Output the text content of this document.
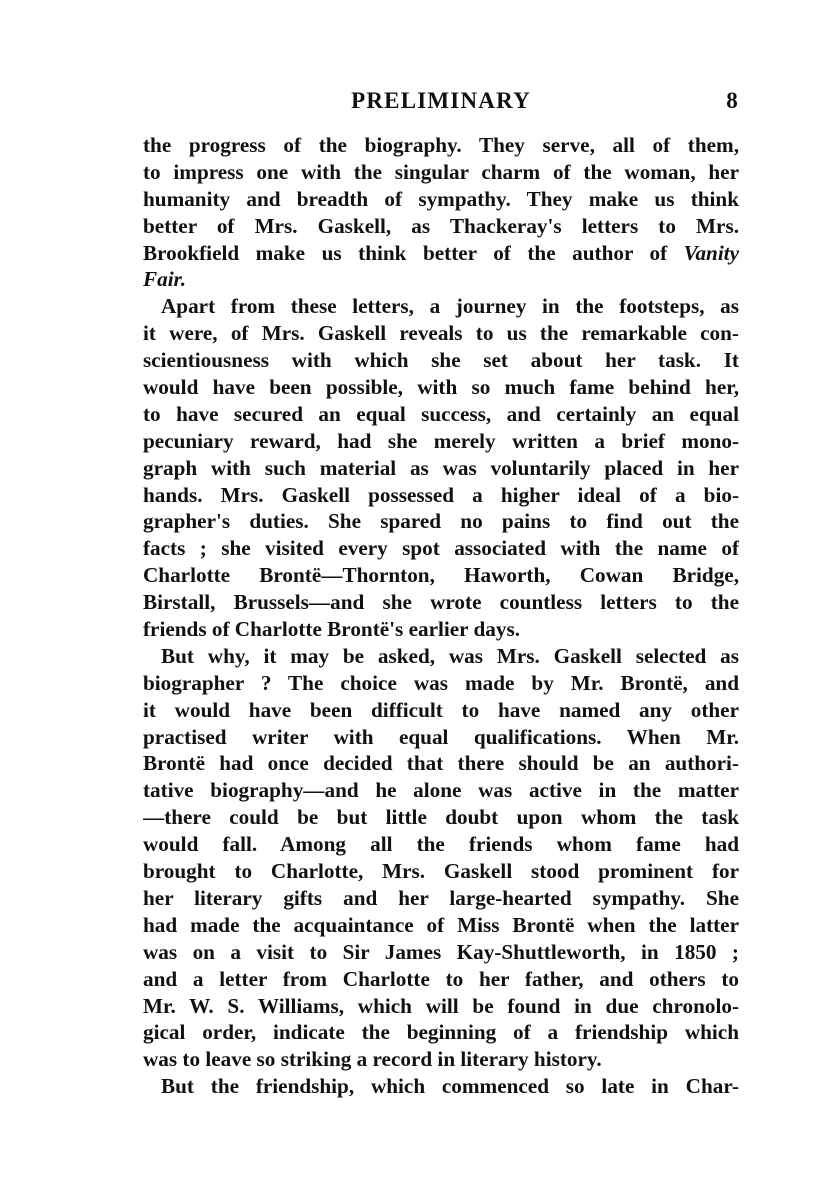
PRELIMINARY	8
the progress of the biography. They serve, all of them,
to impress one with the singular charm of the woman, her
humanity and breadth of sympathy. They make us think
better of Mrs. Gaskell, as Thackeray's letters to Mrs.
Brookfield make us think better of the author of Vanity
Fair.
Apart from these letters, a journey in the footsteps, as
it were, of Mrs. Gaskell reveals to us the remarkable con-
scientiousness with which she set about her task. It
would have been possible, with so much fame behind her,
to have secured an equal success, and certainly an equal
pecuniary reward, had she merely written a brief mono-
graph with such material as was voluntarily placed in her
hands. Mrs. Gaskell possessed a higher ideal of a bio-
grapher's duties. She spared no pains to find out the
facts ; she visited every spot associated with the name of
Charlotte Brontë—Thornton, Haworth, Cowan Bridge,
Birstall, Brussels—and she wrote countless letters to the
friends of Charlotte Brontë's earlier days.
But why, it may be asked, was Mrs. Gaskell selected as
biographer ? The choice was made by Mr. Brontë, and
it would have been difficult to have named any other
practised writer with equal qualifications. When Mr.
Brontë had once decided that there should be an authori-
tative biography—and he alone was active in the matter
—there could be but little doubt upon whom the task
would fall. Among all the friends whom fame had
brought to Charlotte, Mrs. Gaskell stood prominent for
her literary gifts and her large-hearted sympathy. She
had made the acquaintance of Miss Brontë when the latter
was on a visit to Sir James Kay-Shuttleworth, in 1850 ;
and a letter from Charlotte to her father, and others to
Mr. W. S. Williams, which will be found in due chronolo-
gical order, indicate the beginning of a friendship which
was to leave so striking a record in literary history.
But the friendship, which commenced so late in Char-
